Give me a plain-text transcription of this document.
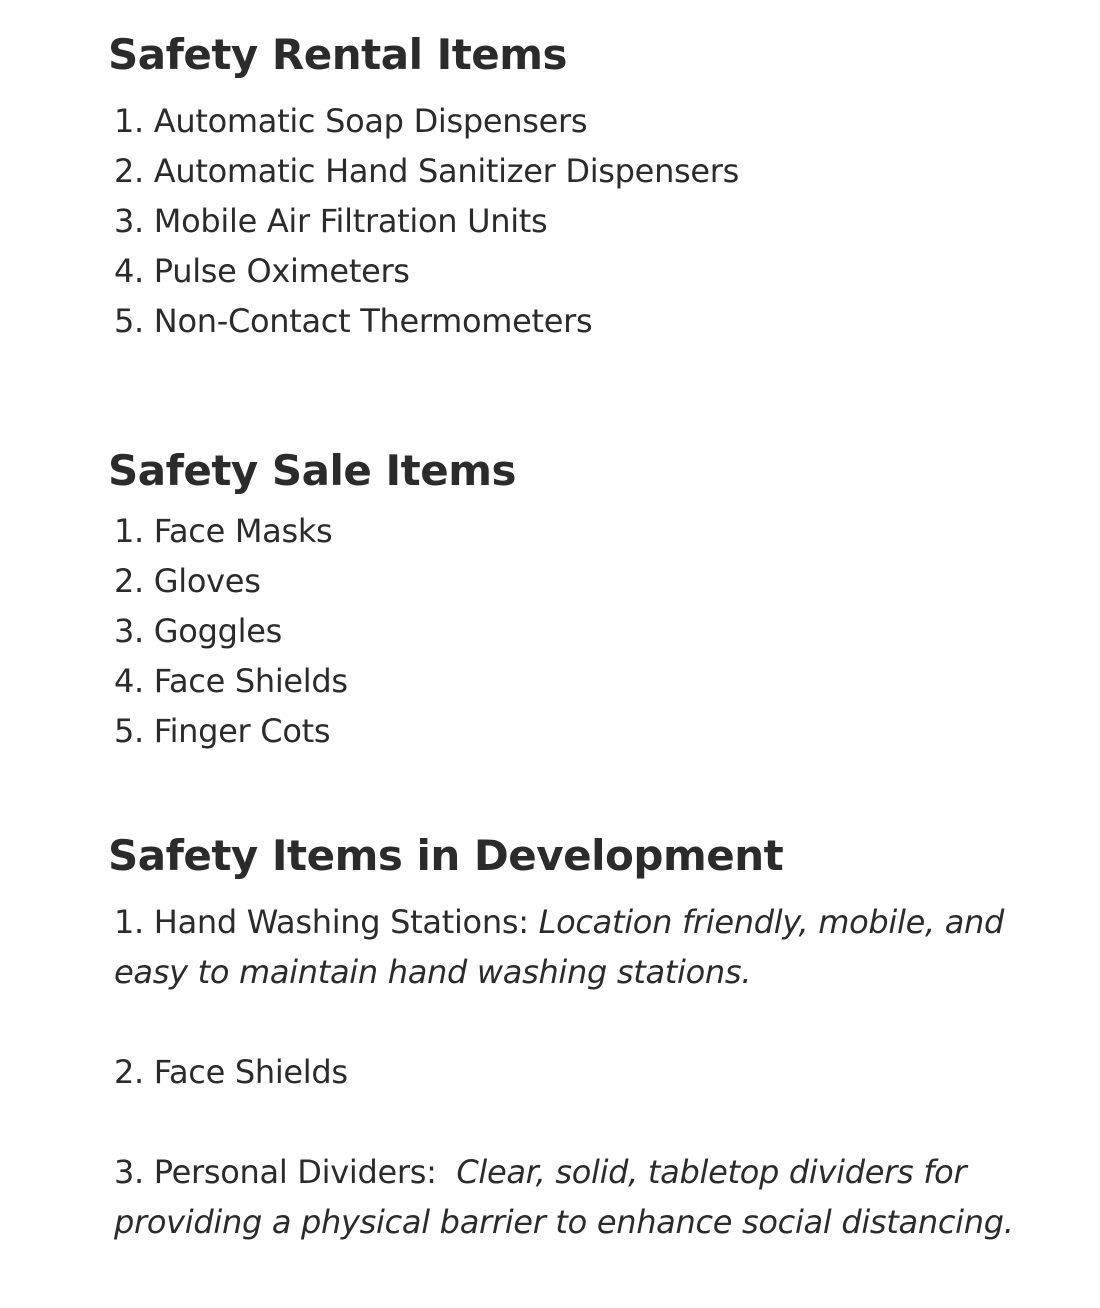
Safety Rental Items
1. Automatic Soap Dispensers
2. Automatic Hand Sanitizer Dispensers
3. Mobile Air Filtration Units
4. Pulse Oximeters
5. Non-Contact Thermometers
Safety Sale Items
1. Face Masks
2. Gloves
3. Goggles
4. Face Shields
5. Finger Cots
Safety Items in Development

1. Hand Washing Stations: Location friendly, mobile, and easy to maintain hand washing stations.

2. Face Shields

3. Personal Dividers: Clear, solid, tabletop dividers for providing a physical barrier to enhance social distancing.
